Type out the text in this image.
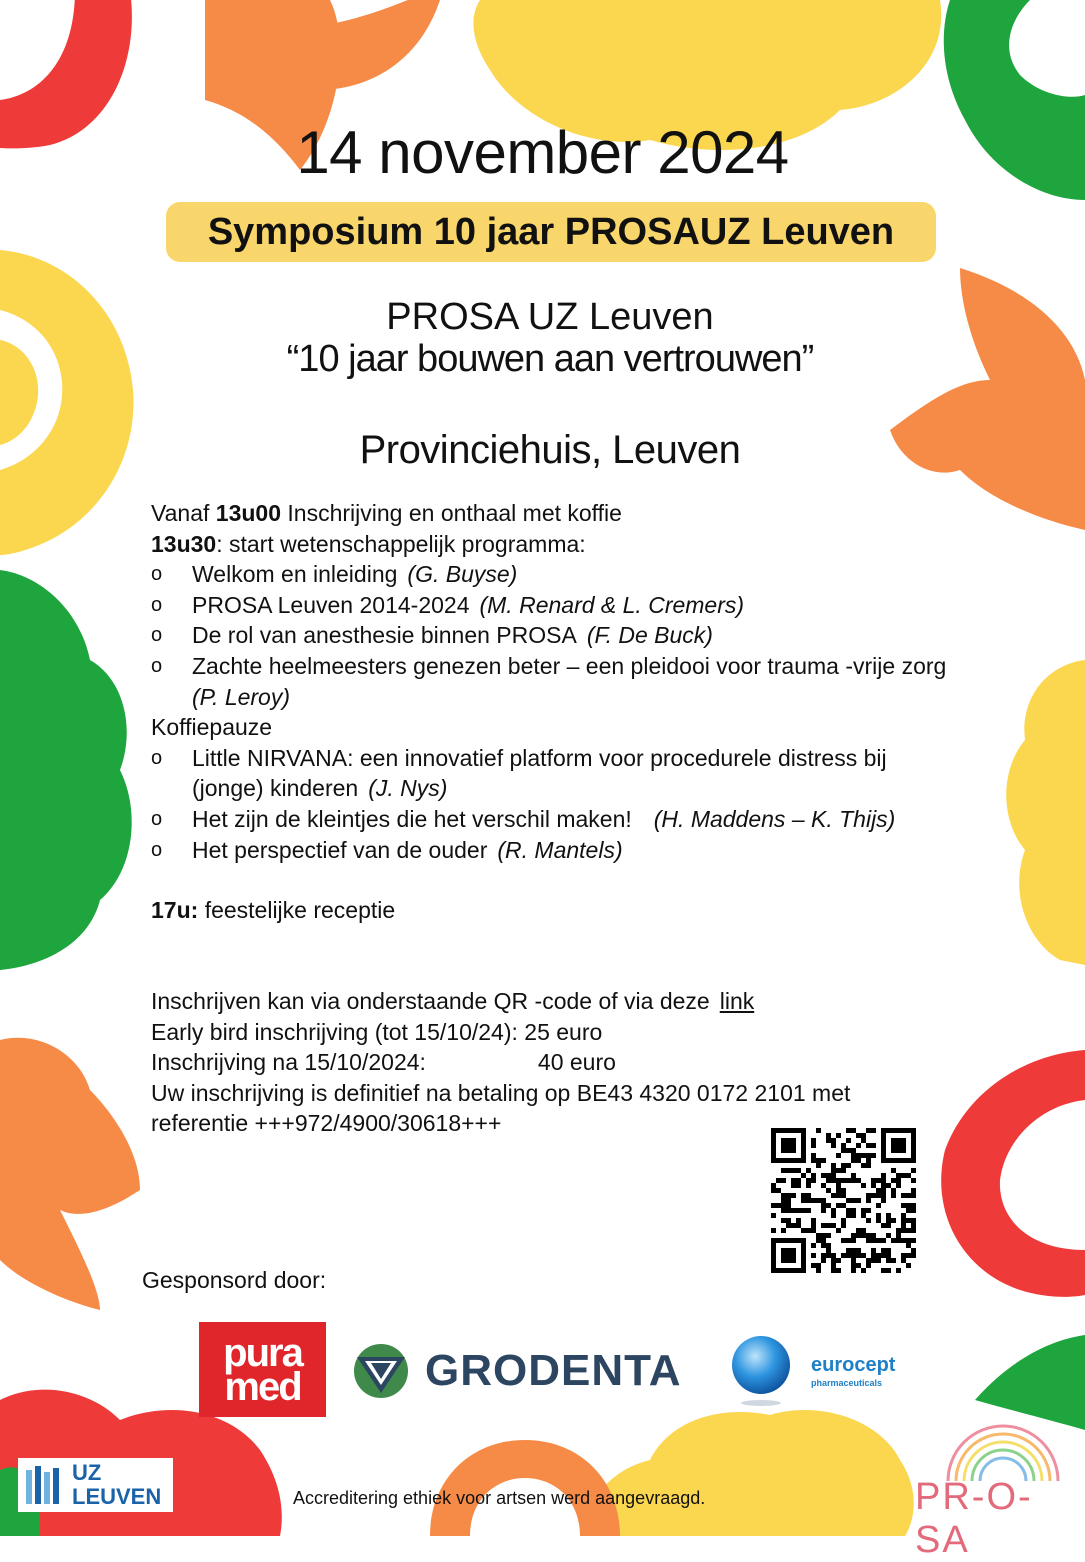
14 november 2024
Symposium 10 jaar PROSAUZ Leuven
PROSA UZ Leuven
“10 jaar bouwen aan vertrouwen”
Provinciehuis, Leuven
Vanaf 13u00 Inschrijving en onthaal met koffie
13u30: start wetenschappelijk programma:
o Welkom en inleiding (G. Buyse)
o PROSA Leuven 2014-2024 (M. Renard & L. Cremers)
o De rol van anesthesie binnen PROSA (F. De Buck)
o Zachte heelmeesters genezen beter – een pleidooi voor trauma -vrije zorg
(P. Leroy)
Koffiepauze
o Little NIRVANA: een innovatief platform voor procedurele distress bij
(jonge) kinderen (J. Nys)
o Het zijn de kleintjes die het verschil maken! (H. Maddens – K. Thijs)
o Het perspectief van de ouder (R. Mantels)
17u: feestelijke receptie
Inschrijven kan via onderstaande QR -code of via deze link
Early bird inschrijving (tot 15/10/24): 25 euro
Inschrijving na 15/10/2024:	40 euro
Uw inschrijving is definitief na betaling op BE43 4320 0172 2101 met
referentie +++972/4900/30618+++
Gesponsord door:
pura
med	GRODENTA	eurocept
pharmaceuticals
UZ
LEUVEN	Accreditering ethiek voor artsen werd aangevraagd.	PR-O-SA
